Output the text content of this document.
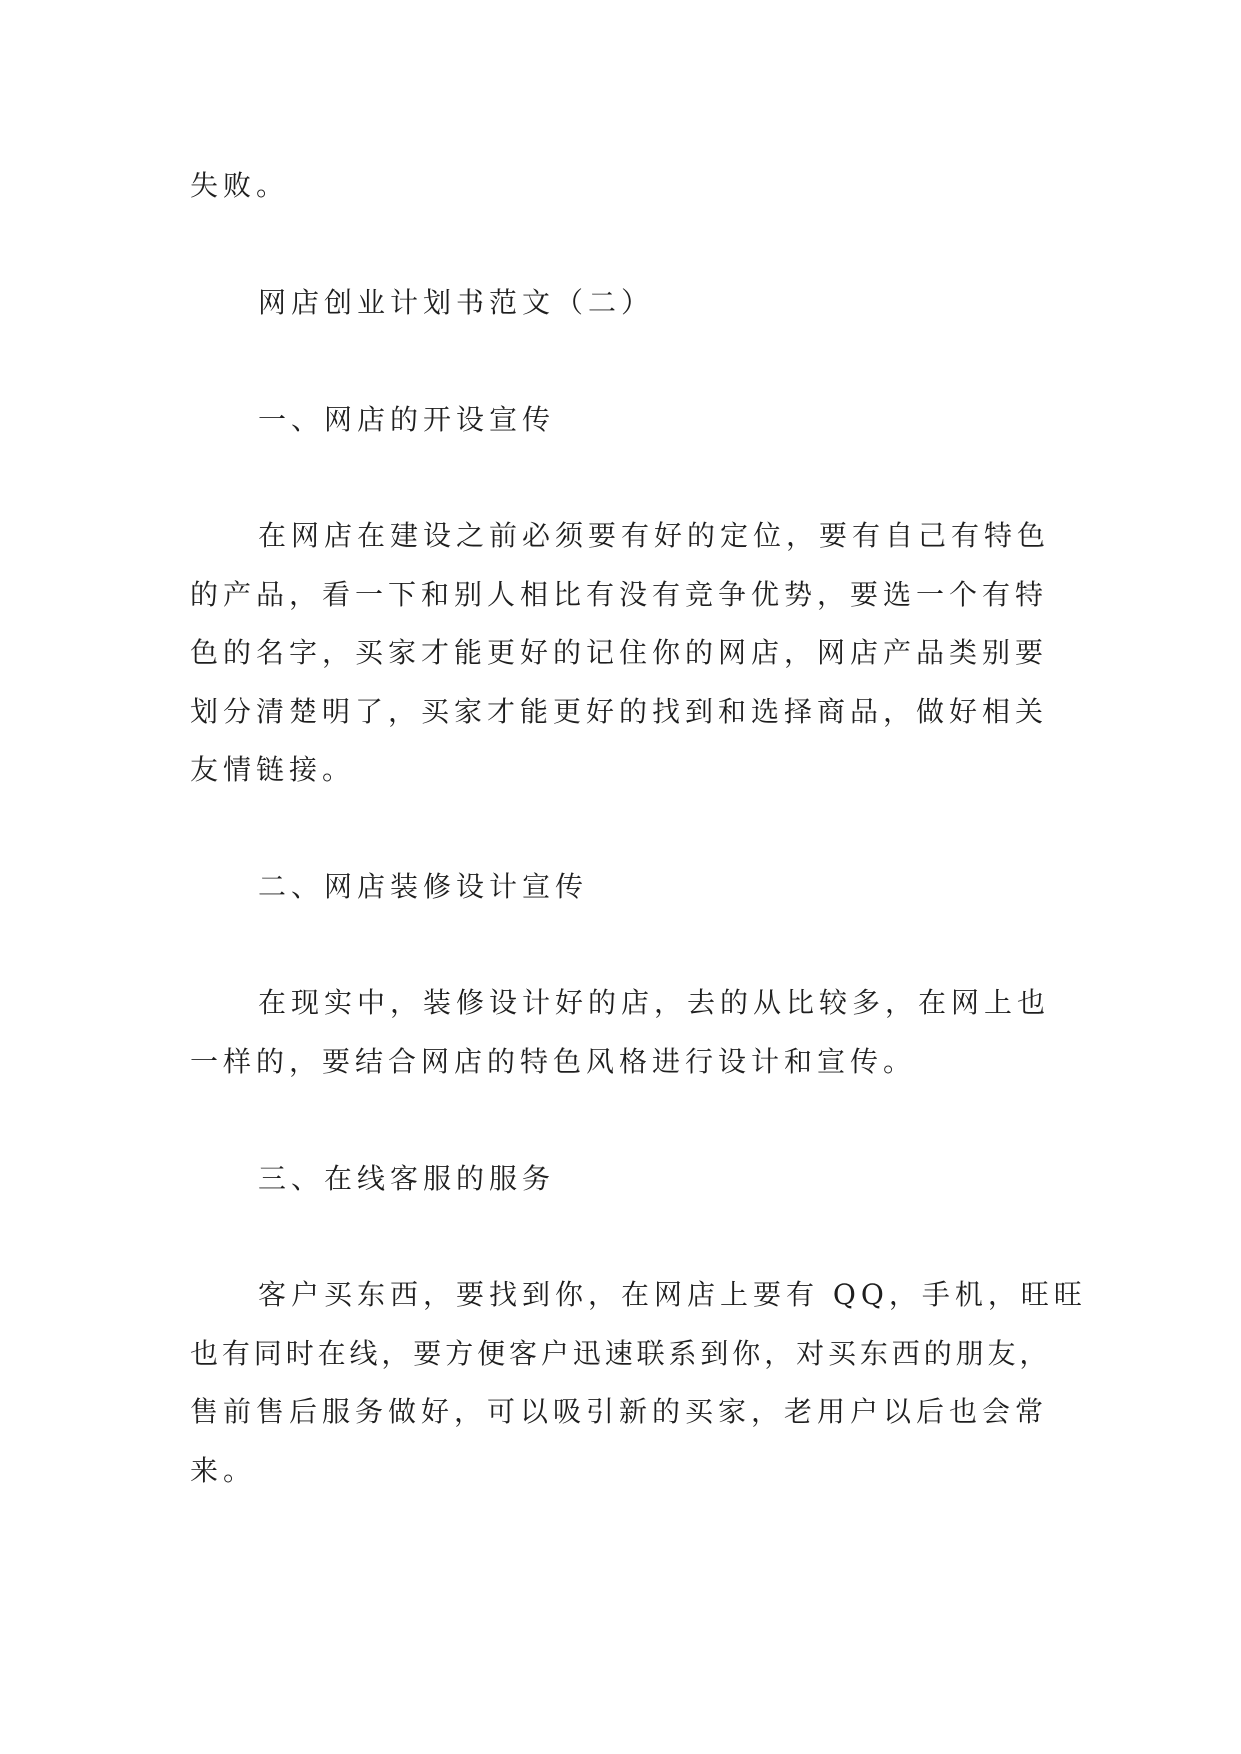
失败。
网店创业计划书范文（二）
一、网店的开设宣传
在网店在建设之前必须要有好的定位，要有自己有特色
的产品，看一下和别人相比有没有竞争优势，要选一个有特
色的名字，买家才能更好的记住你的网店，网店产品类别要
划分清楚明了，买家才能更好的找到和选择商品，做好相关
友情链接。
二、网店装修设计宣传
在现实中，装修设计好的店，去的从比较多，在网上也
一样的，要结合网店的特色风格进行设计和宣传。
三、在线客服的服务
客户买东西，要找到你，在网店上要有 QQ，手机，旺旺
也有同时在线，要方便客户迅速联系到你，对买东西的朋友，
售前售后服务做好，可以吸引新的买家，老用户以后也会常
来。
